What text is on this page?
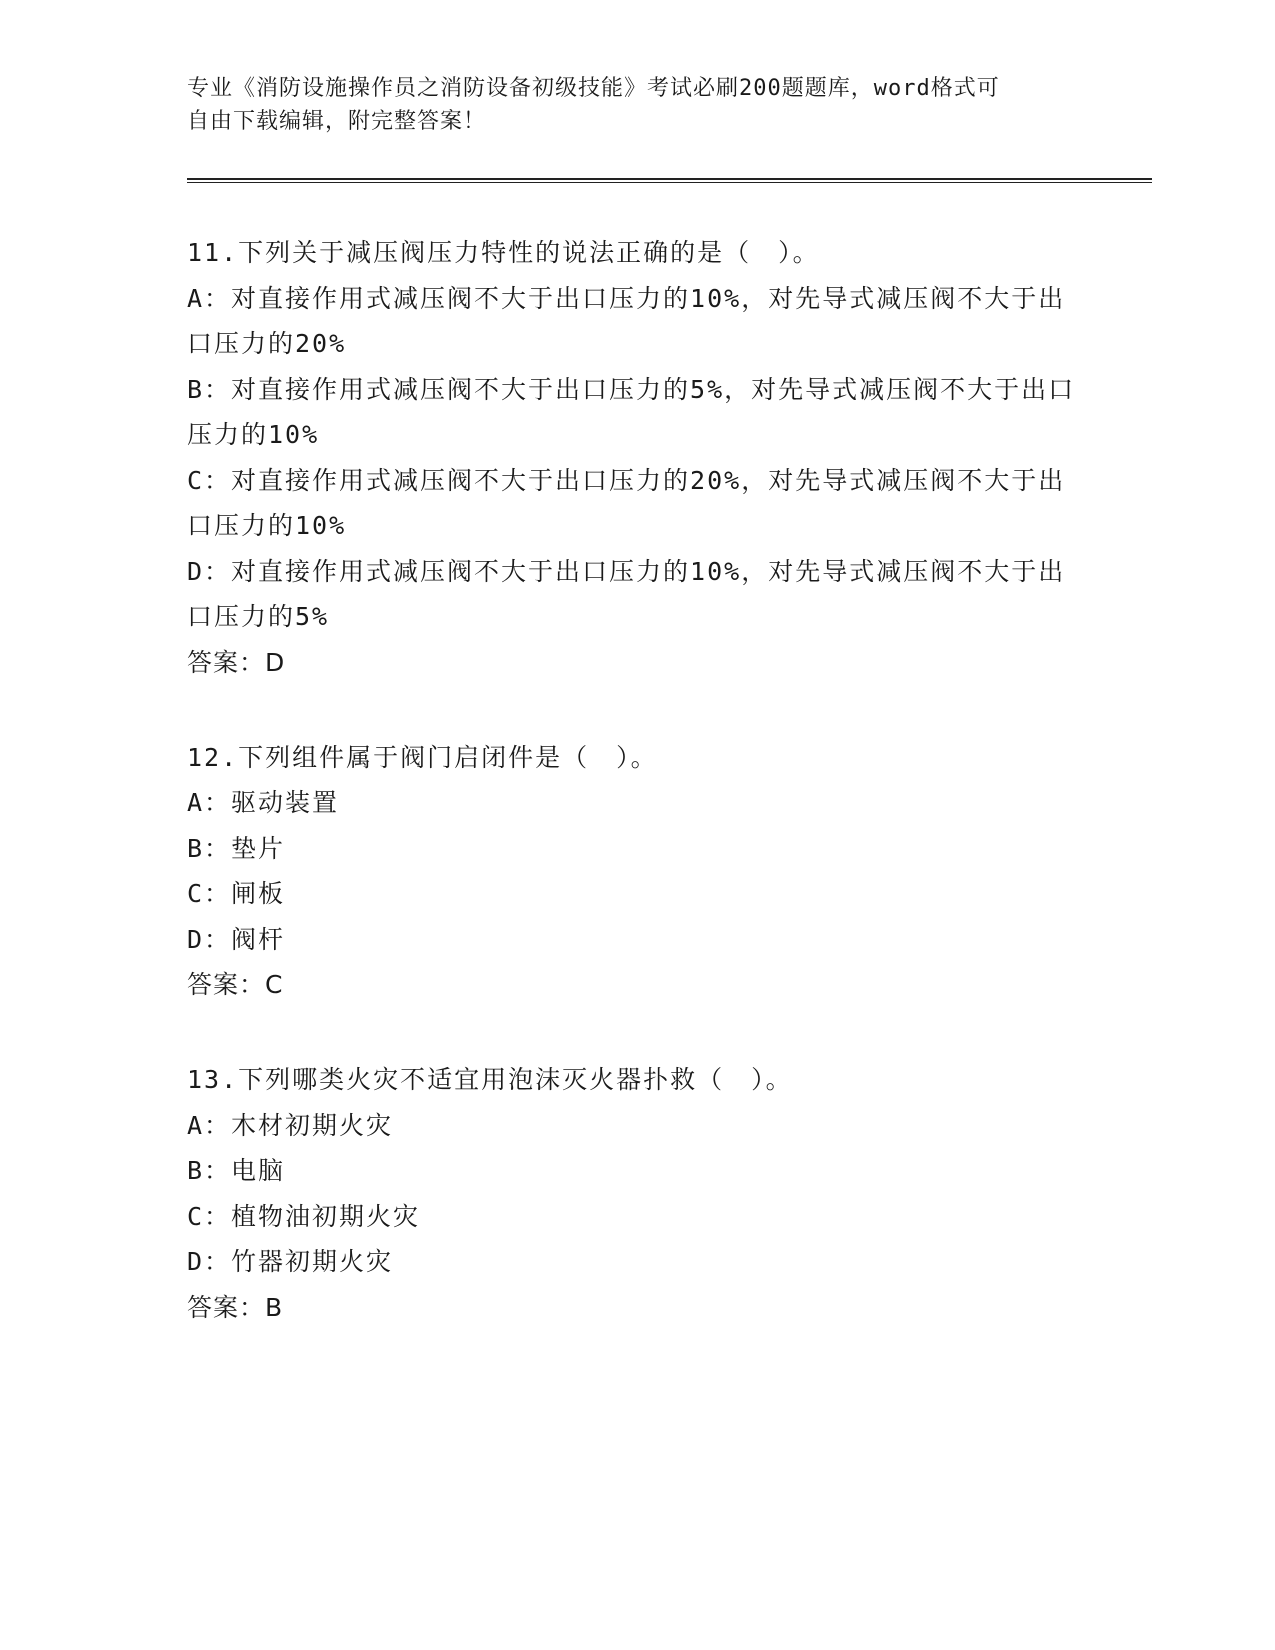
专业《消防设施操作员之消防设备初级技能》考试必刷200题题库，word格式可
自由下载编辑，附完整答案！

11.下列关于减压阀压力特性的说法正确的是（　）。

A：对直接作用式减压阀不大于出口压力的10%，对先导式减压阀不大于出口压力的20%

B：对直接作用式减压阀不大于出口压力的5%，对先导式减压阀不大于出口压力的10%

C：对直接作用式减压阀不大于出口压力的20%，对先导式减压阀不大于出口压力的10%

D：对直接作用式减压阀不大于出口压力的10%，对先导式减压阀不大于出口压力的5%

答案：D

12.下列组件属于阀门启闭件是（　）。

A：驱动装置

B：垫片

C：闸板

D：阀杆

答案：C

13.下列哪类火灾不适宜用泡沫灭火器扑救（　）。

A：木材初期火灾

B：电脑

C：植物油初期火灾

D：竹器初期火灾

答案：B
